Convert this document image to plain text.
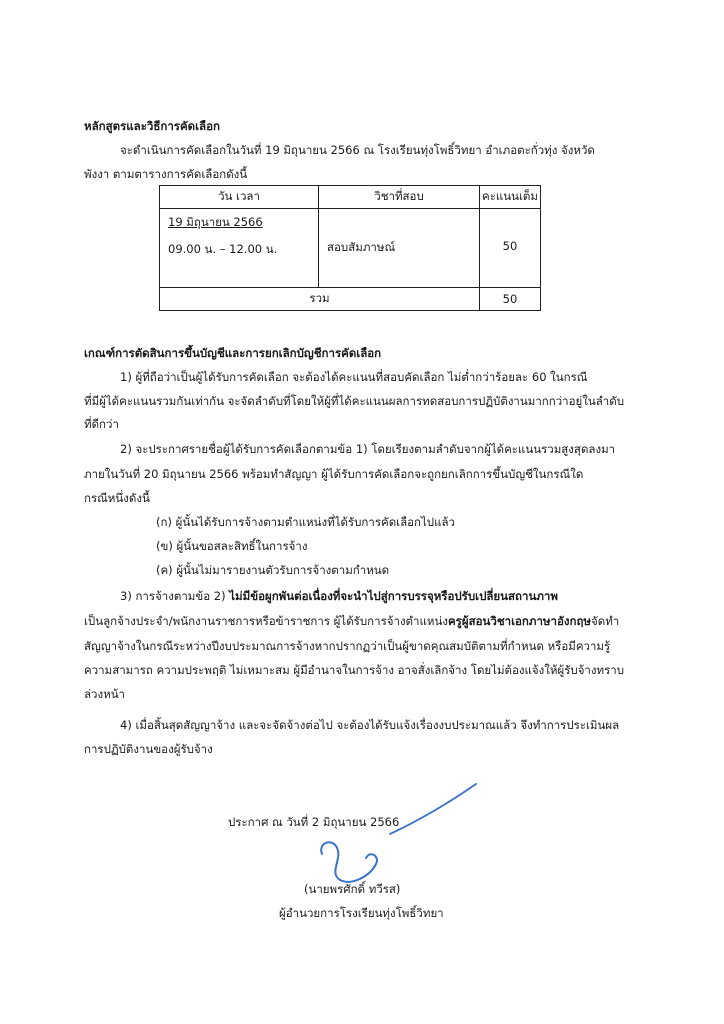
หลักสูตรและวิธีการคัดเลือก
จะดำเนินการคัดเลือกในวันที่ 19 มิถุนายน 2566 ณ โรงเรียนทุ่งโพธิ์วิทยา อำเภอตะกั่วทุ่ง จังหวัด
พังงา ตามตารางการคัดเลือกดังนี้
วัน เวลา	วิชาที่สอบ	คะแนนเต็ม

19 มิถุนายน 2566
09.00 น. – 12.00 น.	สอบสัมภาษณ์	50
รวม		50
เกณฑ์การตัดสินการขึ้นบัญชีและการยกเลิกบัญชีการคัดเลือก
1) ผู้ที่ถือว่าเป็นผู้ได้รับการคัดเลือก จะต้องได้คะแนนที่สอบคัดเลือก ไม่ต่ำกว่าร้อยละ 60 ในกรณี
ที่มีผู้ได้คะแนนรวมกันเท่ากัน จะจัดลำดับที่โดยให้ผู้ที่ได้คะแนนผลการทดสอบการปฏิบัติงานมากกว่าอยู่ในลำดับ
ที่ดีกว่า
2) จะประกาศรายชื่อผู้ได้รับการคัดเลือกตามข้อ 1) โดยเรียงตามลำดับจากผู้ได้คะแนนรวมสูงสุดลงมา
ภายในวันที่ 20 มิถุนายน 2566 พร้อมทำสัญญา ผู้ได้รับการคัดเลือกจะถูกยกเลิกการขึ้นบัญชีในกรณีใด
กรณีหนึ่งดังนี้
(ก) ผู้นั้นได้รับการจ้างตามตำแหน่งที่ได้รับการคัดเลือกไปแล้ว
(ข) ผู้นั้นขอสละสิทธิ์ในการจ้าง
(ค) ผู้นั้นไม่มารายงานตัวรับการจ้างตามกำหนด
3) การจ้างตามข้อ 2) ไม่มีข้อผูกพันต่อเนื่องที่จะนำไปสู่การบรรจุหรือปรับเปลี่ยนสถานภาพ
เป็นลูกจ้างประจำ/พนักงานราชการหรือข้าราชการ ผู้ได้รับการจ้างตำแหน่งครูผู้สอนวิชาเอกภาษาอังกฤษจัดทำ
สัญญาจ้างในกรณีระหว่างปีงบประมาณการจ้างหากปรากฏว่าเป็นผู้ขาดคุณสมบัติตามที่กำหนด หรือมีความรู้
ความสามารถ ความประพฤติ ไม่เหมาะสม ผู้มีอำนาจในการจ้าง อาจสั่งเลิกจ้าง โดยไม่ต้องแจ้งให้ผู้รับจ้างทราบ
ล่วงหน้า
4) เมื่อสิ้นสุดสัญญาจ้าง และจะจัดจ้างต่อไป จะต้องได้รับแจ้งเรื่องงบประมาณแล้ว จึงทำการประเมินผล
การปฏิบัติงานของผู้รับจ้าง
ประกาศ ณ วันที่ 2 มิถุนายน 2566
(นายพรศักดิ์ ทวีรส)
ผู้อำนวยการโรงเรียนทุ่งโพธิ์วิทยา
